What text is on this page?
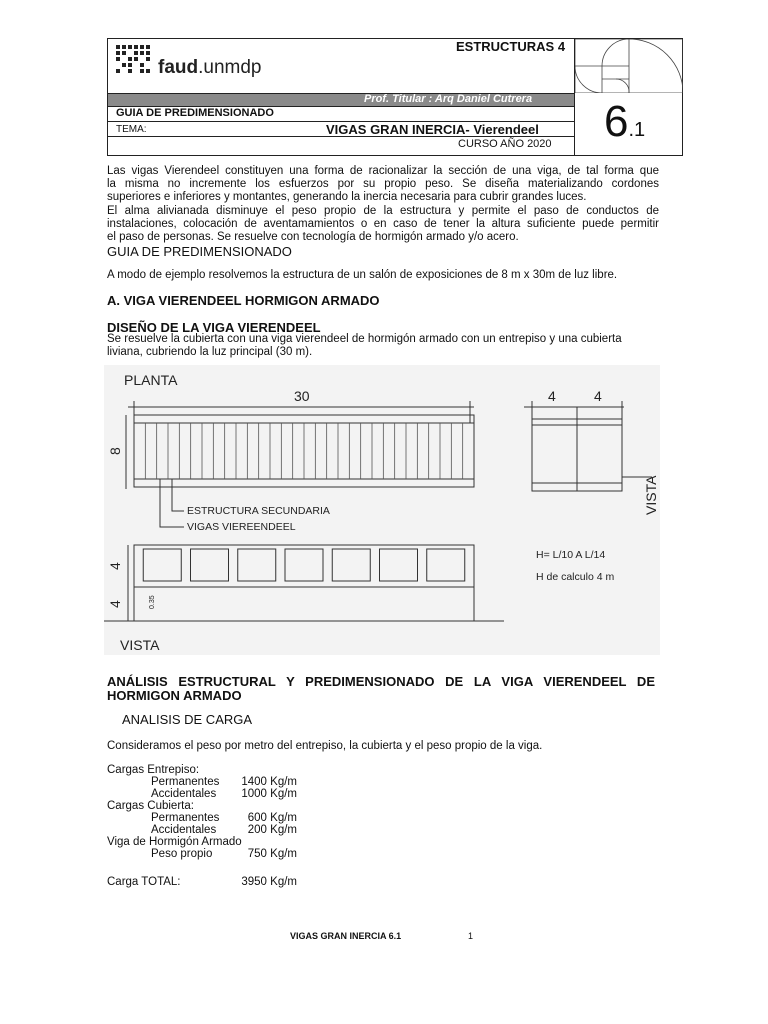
faud.unmdp
ESTRUCTURAS 4
Prof. Titular : Arq Daniel Cutrera
GUIA DE PREDIMENSIONADO
TEMA:	VIGAS GRAN INERCIA- Vierendeel
CURSO AÑO 2020 6.1
Las vigas Vierendeel constituyen una forma de racionalizar la sección de una viga, de tal forma que
la misma no incremente los esfuerzos por su propio peso. Se diseña materializando cordones
superiores e inferiores y montantes, generando la inercia necesaria para cubrir grandes luces.
El alma alivianada disminuye el peso propio de la estructura y permite el paso de conductos de
instalaciones, colocación de aventamamientos o en caso de tener la altura suficiente puede permitir
el paso de personas. Se resuelve con tecnología de hormigón armado y/o acero.
GUIA DE PREDIMENSIONADO
A modo de ejemplo resolvemos la estructura de un salón de exposiciones de 8 m x 30m de luz libre.
A. VIGA VIERENDEEL HORMIGON ARMADO
DISEÑO DE LA VIGA VIERENDEEL
Se resuelve la cubierta con una viga vierendeel de hormigón armado con un entrepiso y una cubierta
liviana, cubriendo la luz principal (30 m).
PLANTA
30	4	4
8
VISTA
4
4
VISTA
ESTRUCTURA SECUNDARIA
VIGAS VIEREENDEEL
H= L/10 A L/14
H de calculo 4 m
0.35
ANÁLISIS ESTRUCTURAL Y PREDIMENSIONADO DE LA VIGA VIERENDEEL DE
HORMIGON ARMADO
ANALISIS DE CARGA
Consideramos el peso por metro del entrepiso, la cubierta y el peso propio de la viga.
Cargas Entrepiso:
Permanentes	1400 Kg/m
Accidentales	1000 Kg/m
Cargas Cubierta:
Permanentes	600 Kg/m
Accidentales	200 Kg/m
Viga de Hormigón Armado
Peso propio	750 Kg/m
Carga TOTAL:	3950 Kg/m
VIGAS GRAN INERCIA 6.1	1
